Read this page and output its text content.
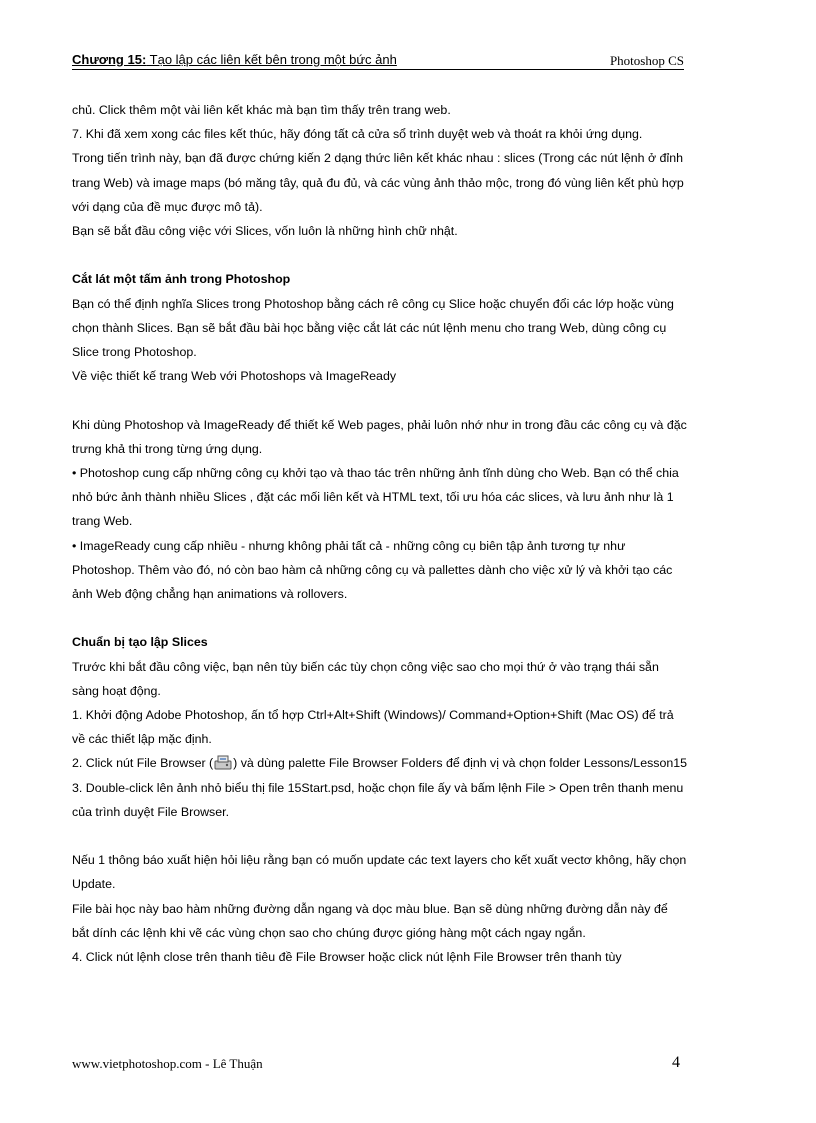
Chương 15: Tạo lập các liên kết bên trong một bức ảnh	Photoshop CS

chủ. Click thêm một vài liên kết khác mà bạn tìm thấy trên trang web.

7. Khi đã xem xong các files kết thúc, hãy đóng tất cả cửa sổ trình duyệt web và thoát ra khỏi ứng dụng.

Trong tiến trình này, bạn đã được chứng kiến 2 dạng thức liên kết khác nhau : slices (Trong các nút lệnh ở đỉnh trang Web) và image maps (bó măng tây, quả đu đủ, và các vùng ảnh thảo mộc, trong đó vùng liên kết phù hợp với dạng của đề mục được mô tả).

Bạn sẽ bắt đầu công việc với Slices, vốn luôn là những hình chữ nhật.

Cắt lát một tấm ảnh trong Photoshop

Bạn có thể định nghĩa Slices trong Photoshop bằng cách rê công cụ Slice hoặc chuyển đổi các lớp hoặc vùng chọn thành Slices. Bạn sẽ bắt đầu bài học bằng việc cắt lát các nút lệnh menu cho trang Web, dùng công cụ Slice trong Photoshop.

Về việc thiết kế trang Web với Photoshops và ImageReady

Khi dùng Photoshop và ImageReady để thiết kế Web pages, phải luôn nhớ như in trong đầu các công cụ và đặc trưng khả thi trong từng ứng dụng.

• Photoshop cung cấp những công cụ khởi tạo và thao tác trên những ảnh tĩnh dùng cho Web. Bạn có thể chia nhỏ bức ảnh thành nhiều Slices , đặt các mối liên kết và HTML text, tối ưu hóa các slices, và lưu ảnh như là 1 trang Web.

• ImageReady cung cấp nhiều - nhưng không phải tất cả - những công cụ biên tập ảnh tương tự như Photoshop. Thêm vào đó, nó còn bao hàm cả những công cụ và pallettes dành cho việc xử lý và khởi tạo các ảnh Web động chẳng hạn animations và rollovers.

Chuẩn bị tạo lập Slices

Trước khi bắt đầu công việc, bạn nên tùy biến các tùy chọn công việc sao cho mọi thứ ở vào trạng thái sẵn sàng hoạt động.

1. Khởi động Adobe Photoshop, ấn tổ hợp Ctrl+Alt+Shift (Windows)/ Command+Option+Shift (Mac OS) để trả về các thiết lập mặc định.

2. Click nút File Browser ( ) và dùng palette File Browser Folders để định vị và chọn folder Lessons/Lesson15

3. Double-click lên ảnh nhỏ biểu thị file 15Start.psd, hoặc chọn file ấy và bấm lệnh File > Open trên thanh menu của trình duyệt File Browser.

Nếu 1 thông báo xuất hiện hỏi liệu rằng bạn có muốn update các text layers cho kết xuất vectơ không, hãy chọn Update.

File bài học này bao hàm những đường dẫn ngang và dọc màu blue. Bạn sẽ dùng những đường dẫn này để bắt dính các lệnh khi vẽ các vùng chọn sao cho chúng được gióng hàng một cách ngay ngắn.

4. Click nút lệnh close trên thanh tiêu đề File Browser hoặc click nút lệnh File Browser trên thanh tùy

www.vietphotoshop.com - Lê Thuận	4
